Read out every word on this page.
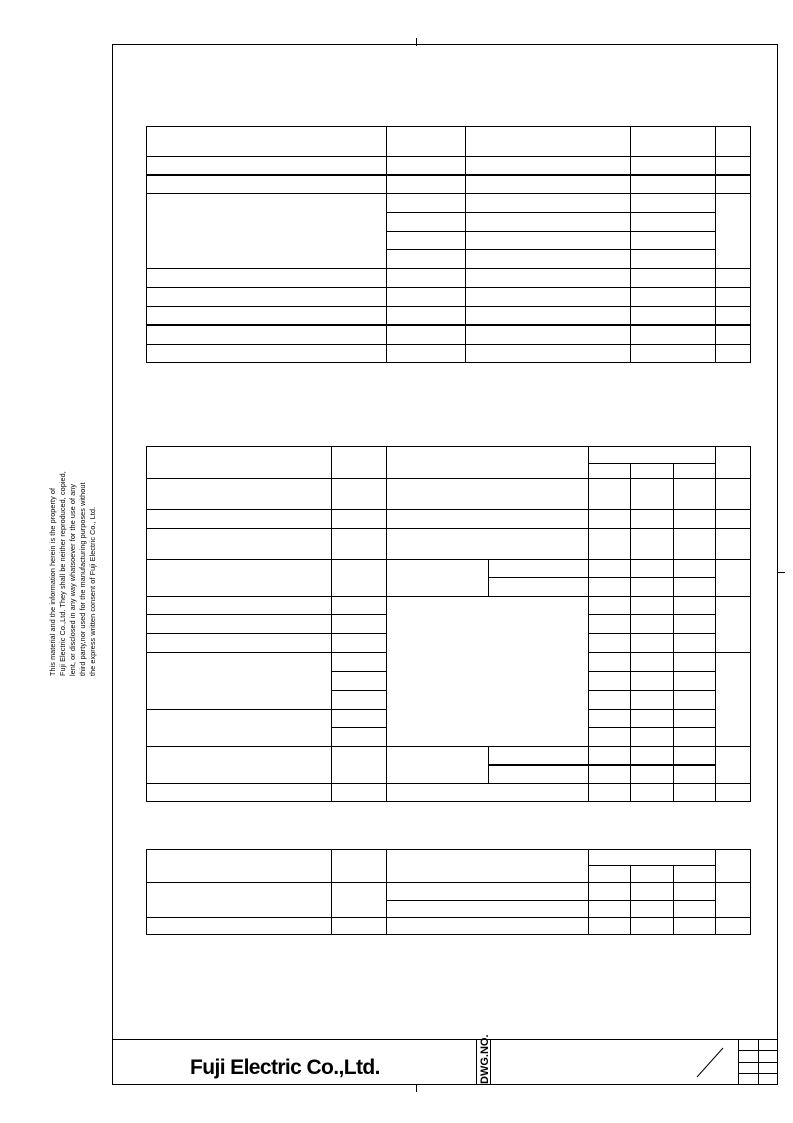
This material and the information herein is the property of Fuji Electric Co.,Ltd. They shall be neither reproduced, copied, lent, or disclosed in any way whatsoever for the use of any third party,nor used for the manufacturing purposes without the express written consent of Fuji Electric Co., Ltd.
Fuji Electric Co.,Ltd.	DWG.NO.
